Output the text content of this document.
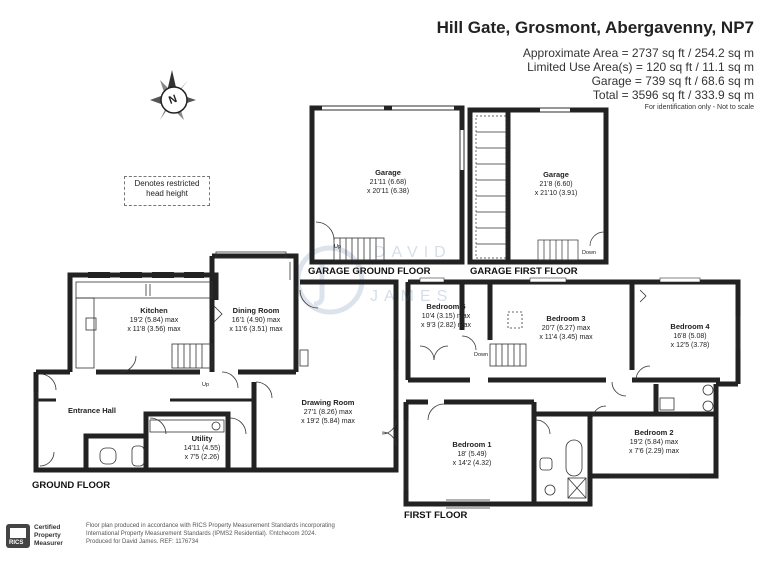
Hill Gate, Grosmont, Abergavenny, NP7
Approximate Area = 2737 sq ft / 254.2 sq m
Limited Use Area(s) = 120 sq ft / 11.1 sq m
Garage = 739 sq ft / 68.6 sq m
Total = 3596 sq ft / 333.9 sq m
For identification only - Not to scale
N
Denotes restricted
head height
DAVID
JAMES
GARAGE GROUND FLOOR	GARAGE FIRST FLOOR
GROUND FLOOR
FIRST FLOOR
Garage
21'11 (6.68)
x 20'11 (6.38)
Garage
21'8 (6.60)
x 21'10 (3.91)
Kitchen
19'2 (5.84) max
x 11'8 (3.56) max
Dining Room
16'1 (4.90) max
x 11'6 (3.51) max
Entrance Hall
Utility
14'11 (4.55)
x 7'5 (2.26)
Drawing Room
27'1 (8.26) max
x 19'2 (5.84) max
Bedroom 5
10'4 (3.15) max
x 9'3 (2.82) max
Bedroom 3
20'7 (6.27) max
x 11'4 (3.45) max
Bedroom 4
16'8 (5.08)
x 12'5 (3.78)
Bedroom 1
18' (5.49)
x 14'2 (4.32)
Bedroom 2
19'2 (5.84) max
x 7'6 (2.29) max
Up
Down
Up
Down
RICS
Certified
Property
Measurer
Floor plan produced in accordance with RICS Property Measurement Standards incorporating
International Property Measurement Standards (IPMS2 Residential). ©ntchecom 2024.
Produced for David James. REF: 1176734
